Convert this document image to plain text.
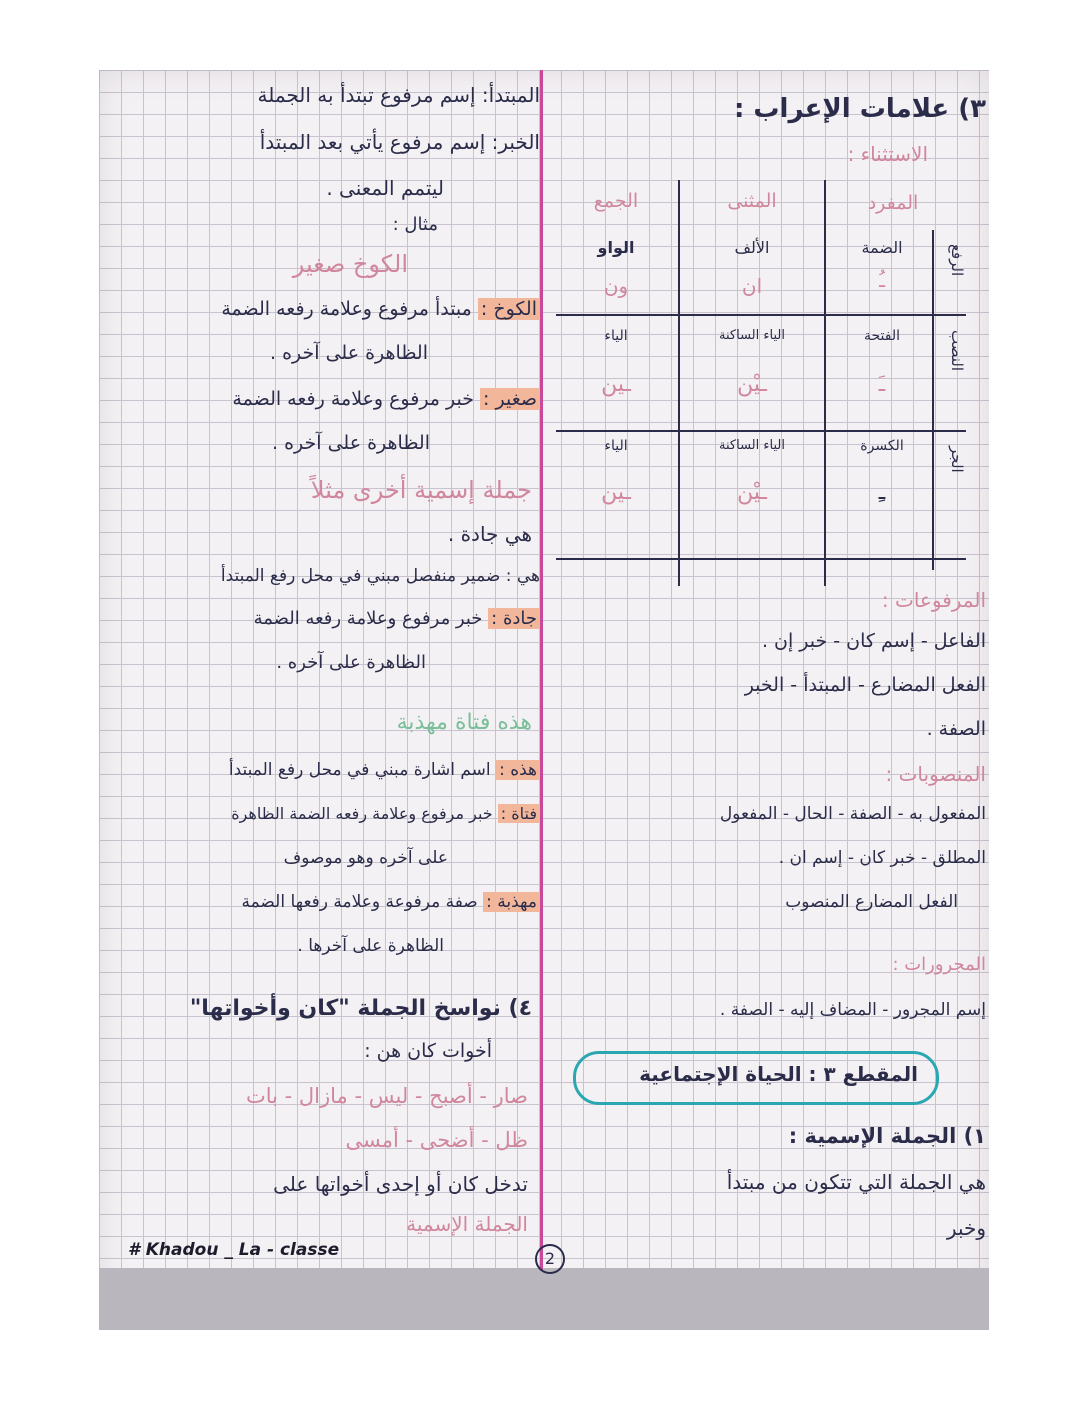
المبتدأ: إسم مرفوع تبتدأ به الجملة
الخبر: إسم مرفوع يأتي بعد المبتدأ
ليتمم المعنى .
مثال :
الكوخ صغير
الكوخ : مبتدأ مرفوع وعلامة رفعه الضمة
الظاهرة على آخره .
صغير : خبر مرفوع وعلامة رفعه الضمة
الظاهرة على آخره .
جملة إسمية أخرى مثلاً
هي جادة .
هي : ضمير منفصل مبني في محل رفع المبتدأ
جادة : خبر مرفوع وعلامة رفعه الضمة
الظاهرة على آخره .
هذه فتاة مهذبة
هذه : اسم اشارة مبني في محل رفع المبتدأ
فتاة : خبر مرفوع وعلامة رفعه الضمة الظاهرة
على آخره وهو موصوف
مهذبة : صفة مرفوعة وعلامة رفعها الضمة
الظاهرة على آخرها .
٤) نواسخ الجملة "كان وأخواتها"
أخوات كان هن :
صار - أصبح - ليس - مازال - بات
ظل - أضحى - أمسى
تدخل كان أو إحدى أخواتها على
الجملة الإسمية
# Khadou _ La - classe	2
٣) علامات الإعراب :
الاستثناء :
المفرد
المثنى
الجمع
الرفع
الضمة
ـُ
الألف
ان
الواو
ون
النصب
الفتحة
ـَ
الياء الساكنة
ـيْن
الياء
ـين
الجر
الكسرة
ـِ
الياء الساكنة
ـيْن
الياء
ـين
المرفوعات :
الفاعل - إسم كان - خبر إن .
الفعل المضارع - المبتدأ - الخبر
الصفة .
المنصوبات :
المفعول به - الصفة - الحال - المفعول
المطلق - خبر كان - إسم ان .
الفعل المضارع المنصوب
المجرورات :
إسم المجرور - المضاف إليه - الصفة .
المقطع ٣ : الحياة الإجتماعية
١) الجملة الإسمية :
هي الجملة التي تتكون من مبتدأ
وخبر
